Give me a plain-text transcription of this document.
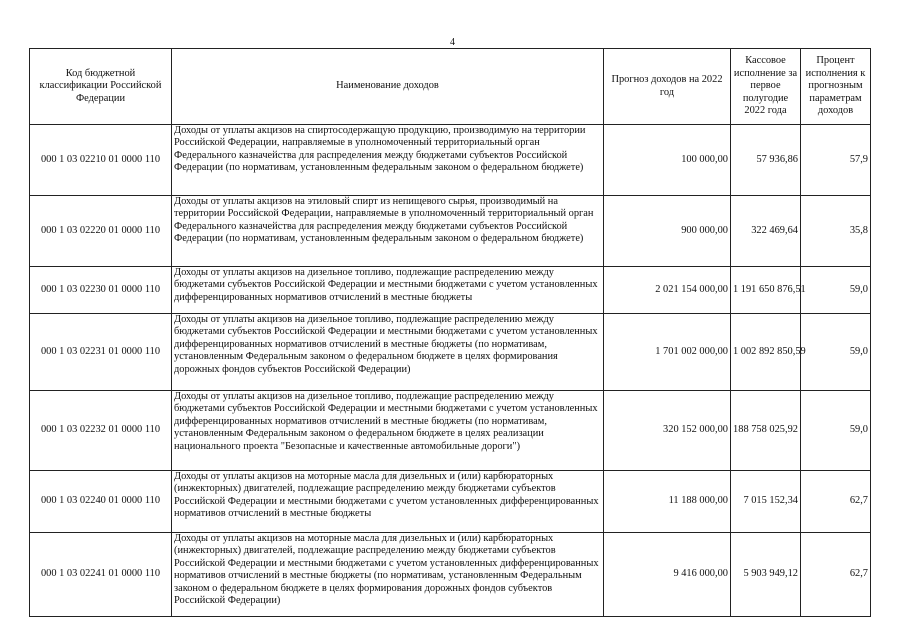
4
Код бюджетной классификации Российской Федерации	Наименование доходов	Прогноз доходов на 2022 год	Кассовое исполнение за первое полугодие 2022 года	Процент исполнения к прогнозным параметрам доходов
000 1 03 02210 01 0000 110	Доходы от уплаты акцизов на спиртосодержащую продукцию, производимую на территории Российской Федерации, направляемые в уполномоченный территориальный орган Федерального казначейства для распределения между бюджетами субъектов Российской Федерации (по нормативам, установленным федеральным законом о федеральном бюджете)	100 000,00	57 936,86	57,9
000 1 03 02220 01 0000 110	Доходы от уплаты акцизов на этиловый спирт из непищевого сырья, производимый на территории Российской Федерации, направляемые в уполномоченный территориальный орган Федерального казначейства для распределения между бюджетами субъектов Российской Федерации (по нормативам, установленным федеральным законом о федеральном бюджете)	900 000,00	322 469,64	35,8
000 1 03 02230 01 0000 110	Доходы от уплаты акцизов на дизельное топливо, подлежащие распределению между бюджетами субъектов Российской Федерации и местными бюджетами с учетом установленных дифференцированных нормативов отчислений в местные бюджеты	2 021 154 000,00	1 191 650 876,51	59,0
000 1 03 02231 01 0000 110	Доходы от уплаты акцизов на дизельное топливо, подлежащие распределению между бюджетами субъектов Российской Федерации и местными бюджетами с учетом установленных дифференцированных нормативов отчислений в местные бюджеты (по нормативам, установленным Федеральным законом о федеральном бюджете в целях формирования дорожных фондов субъектов Российской Федерации)	1 701 002 000,00	1 002 892 850,59	59,0
000 1 03 02232 01 0000 110	Доходы от уплаты акцизов на дизельное топливо, подлежащие распределению между бюджетами субъектов Российской Федерации и местными бюджетами с учетом установленных дифференцированных нормативов отчислений в местные бюджеты (по нормативам, установленным Федеральным законом о федеральном бюджете в целях реализации национального проекта "Безопасные и качественные автомобильные дороги")	320 152 000,00	188 758 025,92	59,0
000 1 03 02240 01 0000 110	Доходы от уплаты акцизов на моторные масла для дизельных и (или) карбюраторных (инжекторных) двигателей, подлежащие распределению между бюджетами субъектов Российской Федерации и местными бюджетами с учетом установленных дифференцированных нормативов отчислений в местные бюджеты	11 188 000,00	7 015 152,34	62,7
000 1 03 02241 01 0000 110	Доходы от уплаты акцизов на моторные масла для дизельных и (или) карбюраторных (инжекторных) двигателей, подлежащие распределению между бюджетами субъектов Российской Федерации и местными бюджетами с учетом установленных дифференцированных нормативов отчислений в местные бюджеты (по нормативам, установленным Федеральным законом о федеральном бюджете в целях формирования дорожных фондов субъектов Российской Федерации)	9 416 000,00	5 903 949,12	62,7
